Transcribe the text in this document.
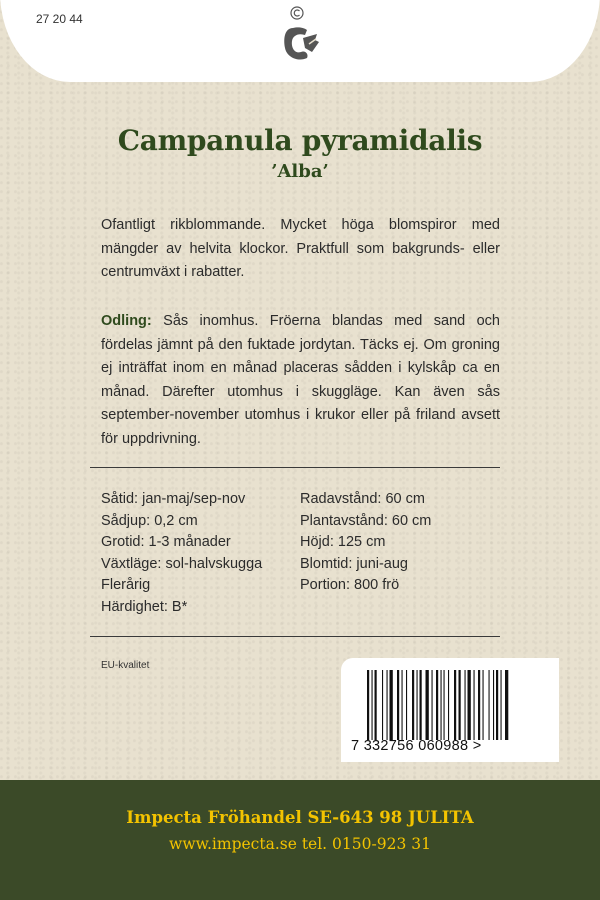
27 20 44
Campanula pyramidalis
’Alba’
Ofantligt rikblommande. Mycket höga blomspiror med mängder av helvita klockor. Praktfull som bakgrunds- eller centrumväxt i rabatter.
Odling: Sås inomhus. Fröerna blandas med sand och fördelas jämnt på den fuktade jordytan. Täcks ej. Om groning ej inträffat inom en månad placeras sådden i kylskåp ca en månad. Därefter utomhus i skuggläge. Kan även sås september-november utomhus i krukor eller på friland avsett för uppdrivning.
Såtid: jan-maj/sep-nov
Sådjup: 0,2 cm
Grotid: 1-3 månader
Växtläge: sol-halvskugga
Flerårig
Härdighet: B*
Radavstånd: 60 cm
Plantavstånd: 60 cm
Höjd: 125 cm
Blomtid: juni-aug
Portion: 800 frö
EU-kvalitet
7 332756 060988 >
Impecta Fröhandel SE-643 98 JULITA
www.impecta.se tel. 0150-923 31
